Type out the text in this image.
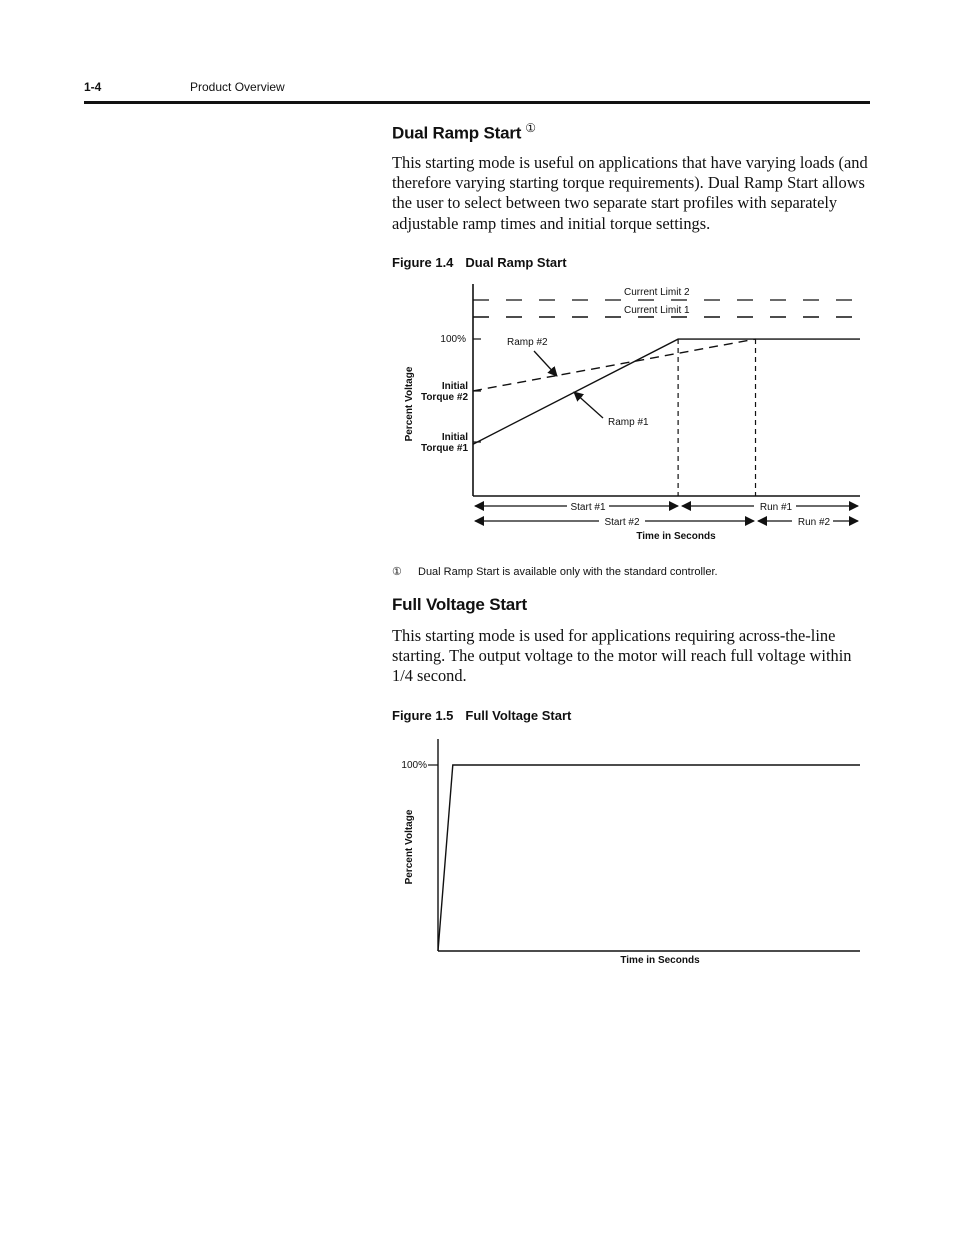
1-4	Product Overview
Dual Ramp Start ①

This starting mode is useful on applications that have varying loads (and therefore varying starting torque requirements). Dual Ramp Start allows the user to select between two separate start profiles with separately adjustable ramp times and initial torque settings.

Figure 1.4 Dual Ramp Start
Current Limit 2
Current Limit 1
100%
Initial Torque #2
Initial Torque #1
Percent Voltage
Ramp #2
Ramp #1
Start #1	Run #1
Start #2	Run #2
Time in Seconds
① Dual Ramp Start is available only with the standard controller.
Full Voltage Start

This starting mode is used for applications requiring across-the-line starting. The output voltage to the motor will reach full voltage within 1/4 second.

Figure 1.5 Full Voltage Start
100%
Percent Voltage
Time in Seconds
